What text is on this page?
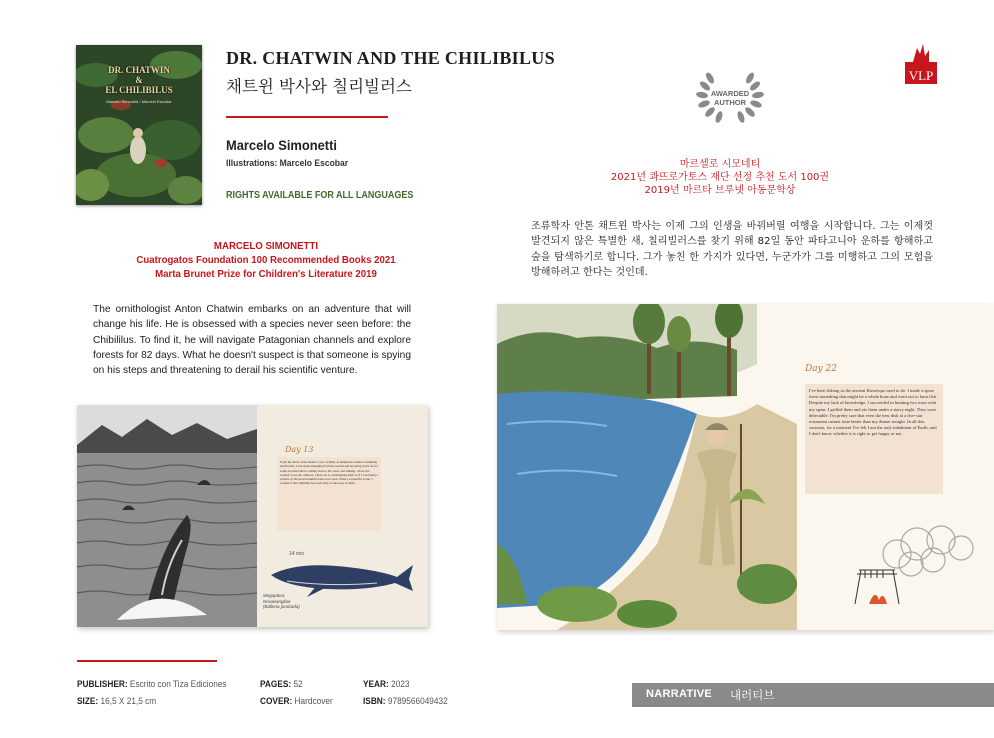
DR. CHATWIN
&
EL CHILIBILUS
Marcelo Simonetti / Marcelo Escobar
DR. CHATWIN AND THE CHILIBILUS
채트윈 박사와 칠리빌러스
Marcelo Simonetti
Illustrations: Marcelo Escobar
RIGHTS AVAILABLE FOR ALL LANGUAGES
MARCELO SIMONETTI
Cuatrogatos Foundation 100 Recommended Books 2021
Marta Brunet Prize for Children's Literature 2019
The ornithologist Anton Chatwin embarks on an adventure that will change his life. He is obsessed with a species never seen before: the Chibililus. To find it, he will navigate Patagonian channels and explore forests for 82 days. What he doesn't suspect is that someone is spying on his steps and threatening to derail his scientific venture.
AWARDED
AUTHOR
VLP
마르셀로 시모네티
2021년 콰뜨로가토스 재단 선정 추천 도서 100권
2019년 마르타 브루넷 아동문학상
조류학자 안톤 채트윈 박사는 이제 그의 인생을 바꿔버릴 여행을 시작합니다. 그는 이제껏 발견되지 않은 특별한 새, 칠리빌러스를 찾기 위해 82일 동안 파타고니아 운하를 항해하고 숲을 탐색하기로 합니다. 그가 놓친 한 가지가 있다면, 누군가가 그를 미행하고 그의 모험을 방해하려고 한다는 것인데.
Day 13
From the shore of the island, I saw a family of humpback whales swimming northwards. I saw them emerging from the seabed and hovering in the air for some seconds before coming back to the water and sinking. I have not wanted to see the cameras. I have set to contemplate them as if I was being a witness of the most beautiful ballet ever seen. What a wonderful scene. I wonder if the Chilibilus has been able to take note of them.
14 mts
Megaptera Novaeangliae (Ballena jorobada)
Day 22
I've been fishing as the ancient Kawesqar used to do. I made a spear from something that might be a whale bone and went out to hunt fish. Despite my lack of knowledge, I succeeded in hunting two trout with my spear. I grilled them and ate them under a starry night. They were delectable. I'm pretty sure that even the best dish at a five-star restaurant cannot taste better than my dinner tonight. In all this vastness, for a moment I've felt I am the only inhabitant of Earth, and I don't know whether it is right to get happy or not.
PUBLISHER: Escrito con Tiza Ediciones
SIZE: 16,5 X 21,5 cm
PAGES: 52
COVER: Hardcover
YEAR: 2023
ISBN: 9789566049432
NARRATIVE 내러티브
